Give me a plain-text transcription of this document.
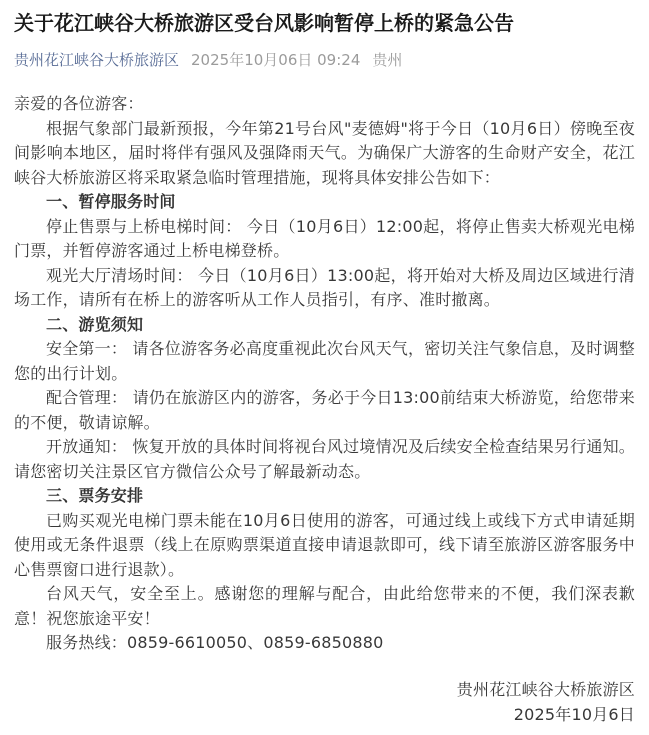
关于花江峡谷大桥旅游区受台风影响暂停上桥的紧急公告
贵州花江峡谷大桥旅游区 2025年10月06日 09:24 贵州

亲爱的各位游客：

根据气象部门最新预报，今年第21号台风"麦德姆"将于今日（10月6日）傍晚至夜间影响本地区，届时将伴有强风及强降雨天气。为确保广大游客的生命财产安全，花江峡谷大桥旅游区将采取紧急临时管理措施，现将具体安排公告如下：

一、暂停服务时间

停止售票与上桥电梯时间： 今日（10月6日）12:00起，将停止售卖大桥观光电梯门票，并暂停游客通过上桥电梯登桥。

观光大厅清场时间： 今日（10月6日）13:00起，将开始对大桥及周边区域进行清场工作，请所有在桥上的游客听从工作人员指引，有序、准时撤离。

二、游览须知

安全第一： 请各位游客务必高度重视此次台风天气，密切关注气象信息，及时调整您的出行计划。

配合管理： 请仍在旅游区内的游客，务必于今日13:00前结束大桥游览，给您带来的不便，敬请谅解。

开放通知： 恢复开放的具体时间将视台风过境情况及后续安全检查结果另行通知。请您密切关注景区官方微信公众号了解最新动态。

三、票务安排

已购买观光电梯门票未能在10月6日使用的游客，可通过线上或线下方式申请延期使用或无条件退票（线上在原购票渠道直接申请退款即可，线下请至旅游区游客服务中心售票窗口进行退款）。

台风天气，安全至上。感谢您的理解与配合，由此给您带来的不便，我们深表歉意！祝您旅途平安！

服务热线：0859-6610050、0859-6850880

贵州花江峡谷大桥旅游区

2025年10月6日
